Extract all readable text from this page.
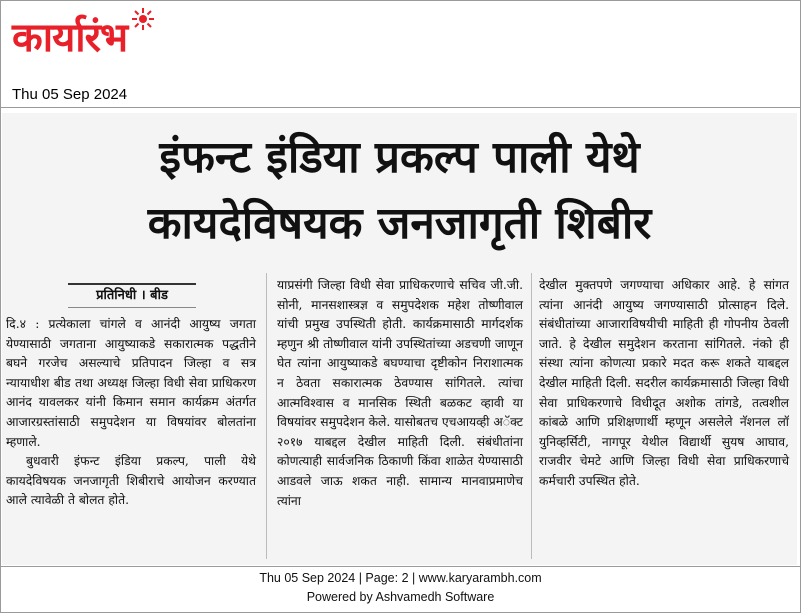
कार्यारंभ
Thu 05 Sep 2024
इंफन्ट इंडिया प्रकल्प पाली येथे
कायदेविषयक जनजागृती शिबीर
प्रतिनिधी । बीड

दि.४ : प्रत्येकाला चांगले व आनंदी आयुष्य जगता येण्यासाठी जगताना आयुष्याकडे सकारात्मक पद्धतीने बघने गरजेच असल्याचे प्रतिपादन जिल्हा व सत्र न्यायाधीश बीड तथा अध्यक्ष जिल्हा विधी सेवा प्राधिकरण आनंद यावलकर यांनी किमान समान कार्यक्रम अंतर्गत आजारग्रस्तांसाठी समुपदेशन या विषयांवर बोलतांना म्हणाले.

बुधवारी इंफन्ट इंडिया प्रकल्प, पाली येथे कायदेविषयक जनजागृती शिबीराचे आयोजन करण्यात आले त्यावेळी ते बोलत होते.

याप्रसंगी जिल्हा विधी सेवा प्राधिकरणाचे सचिव जी.जी. सोनी, मानसशास्त्रज्ञ व समुपदेशक महेश तोष्णीवाल यांची प्रमुख उपस्थिती होती. कार्यक्रमासाठी मार्गदर्शक म्हणुन श्री तोष्णीवाल यांनी उपस्थितांच्या अडचणी जाणून घेत त्यांना आयुष्याकडे बघण्याचा दृष्टीकोन निराशात्मक न ठेवता सकारात्मक ठेवण्यास सांगितले. त्यांचा आत्मविश्वास व मानसिक स्थिती बळकट व्हावी या विषयांवर समुपदेशन केले. यासोबतच एचआयव्ही अॅक्ट २०१७ याबद्दल देखील माहिती दिली. संबंधीतांना कोणत्याही सार्वजनिक ठिकाणी किंवा शाळेत येण्यासाठी आडवले जाऊ शकत नाही. सामान्य मानवाप्रमाणेच त्यांना

देखील मुक्तपणे जगण्याचा अधिकार आहे. हे सांगत त्यांना आनंदी आयुष्य जगण्यासाठी प्रोत्साहन दिले. संबंधीतांच्या आजाराविषयीची माहिती ही गोपनीय ठेवली जाते. हे देखील समुदेशन करताना सांगितले. नंको ही संस्था त्यांना कोणत्या प्रकारे मदत करू शकते याबद्दल देखील माहिती दिली. सदरील कार्यक्रमासाठी जिल्हा विधी सेवा प्राधिकरणाचे विधीदूत अशोक तांगडे, तत्वशील कांबळे आणि प्रशिक्षणार्थी म्हणून असलेले नॅशनल लॉ युनिव्हर्सिटी, नागपूर येथील विद्यार्थी सुयष आघाव, राजवीर चेमटे आणि जिल्हा विधी सेवा प्राधिकरणाचे कर्मचारी उपस्थित होते.

Thu 05 Sep 2024 | Page: 2 | www.karyarambh.com
Powered by Ashvamedh Software
